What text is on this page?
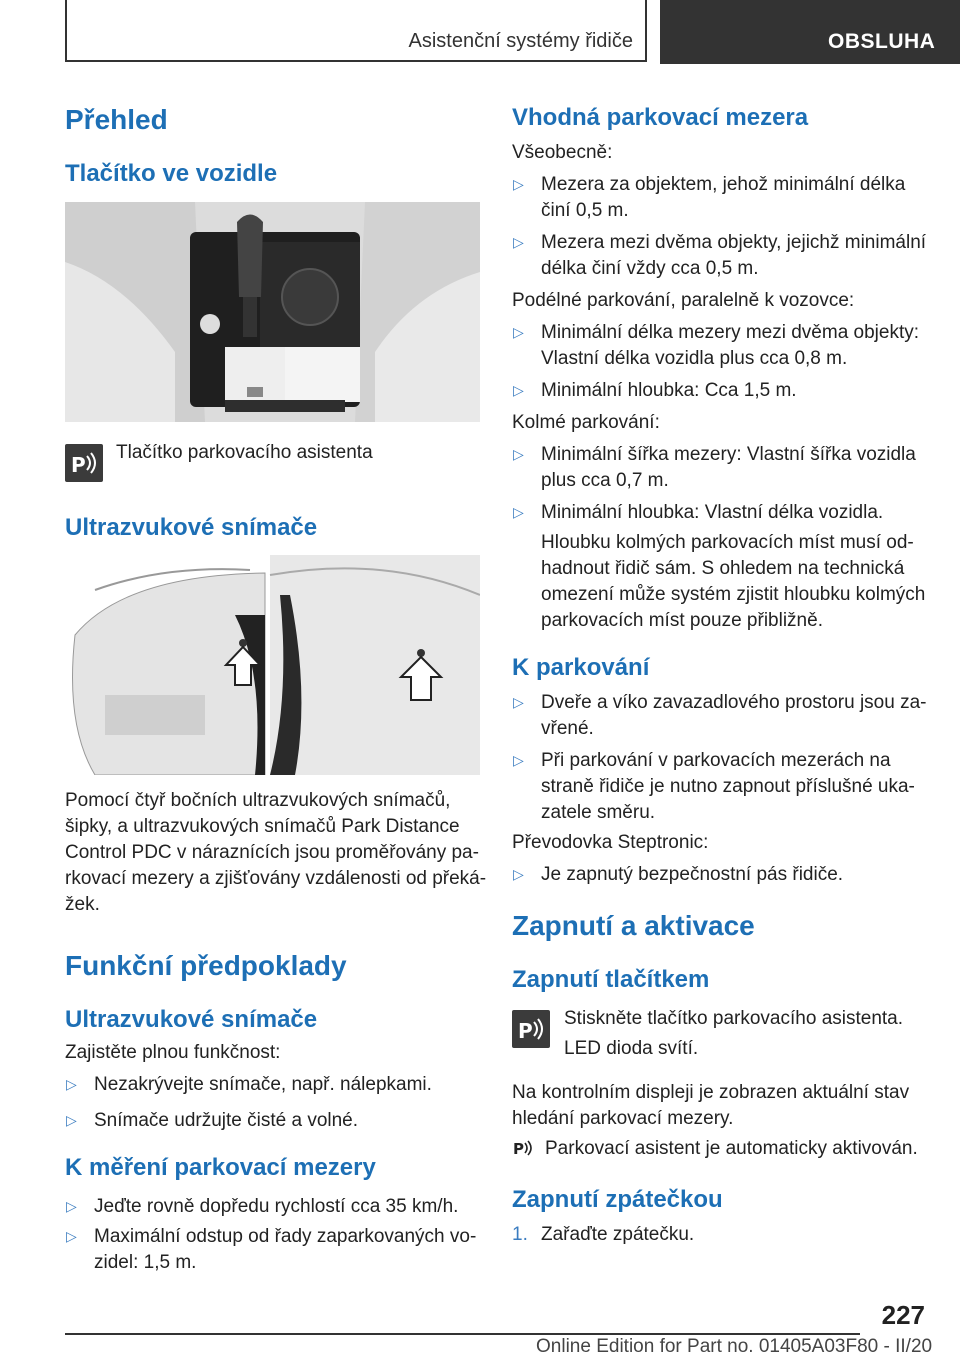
Asistenční systémy řidiče	OBSLUHA
Přehled
Tlačítko ve vozidle
P
Tlačítko parkovacího asistenta
Ultrazvukové snímače
Pomocí čtyř bočních ultrazvukových snímačů,
šipky, a ultrazvukových snímačů Park Distance
Control PDC v náraznících jsou proměřovány pa-
rkovací mezery a zjišťovány vzdálenosti od překá-
žek.
Funkční předpoklady
Ultrazvukové snímače
Zajistěte plnou funkčnost:
▷ Nezakrývejte snímače, např. nálepkami.
▷ Snímače udržujte čisté a volné.
K měření parkovací mezery
▷ Jeďte rovně dopředu rychlostí cca 35 km/h.
▷ Maximální odstup od řady zaparkovaných vo-
zidel: 1,5 m.
Vhodná parkovací mezera
Všeobecně:
▷ Mezera za objektem, jehož minimální délka
činí 0,5 m.
▷ Mezera mezi dvěma objekty, jejichž minimální
délka činí vždy cca 0,5 m.
Podélné parkování, paralelně k vozovce:
▷ Minimální délka mezery mezi dvěma objekty:
Vlastní délka vozidla plus cca 0,8 m.
▷ Minimální hloubka: Cca 1,5 m.
Kolmé parkování:
▷ Minimální šířka mezery: Vlastní šířka vozidla
plus cca 0,7 m.
▷ Minimální hloubka: Vlastní délka vozidla.
Hloubku kolmých parkovacích míst musí od-
hadnout řidič sám. S ohledem na technická
omezení může systém zjistit hloubku kolmých
parkovacích míst pouze přibližně.
K parkování
▷ Dveře a víko zavazadlového prostoru jsou za-
vřené.
▷ Při parkování v parkovacích mezerách na
straně řidiče je nutno zapnout příslušné uka-
zatele směru.
Převodovka Steptronic:
▷ Je zapnutý bezpečnostní pás řidiče.
Zapnutí a aktivace
Zapnutí tlačítkem
P
Stiskněte tlačítko parkovacího asistenta.
LED dioda svítí.
Na kontrolním displeji je zobrazen aktuální stav
hledání parkovací mezery.
P Parkovací asistent je automaticky aktivován.
Zapnutí zpátečkou
1. Zařaďte zpátečku.
227
Online Edition for Part no. 01405A03F80 - II/20
